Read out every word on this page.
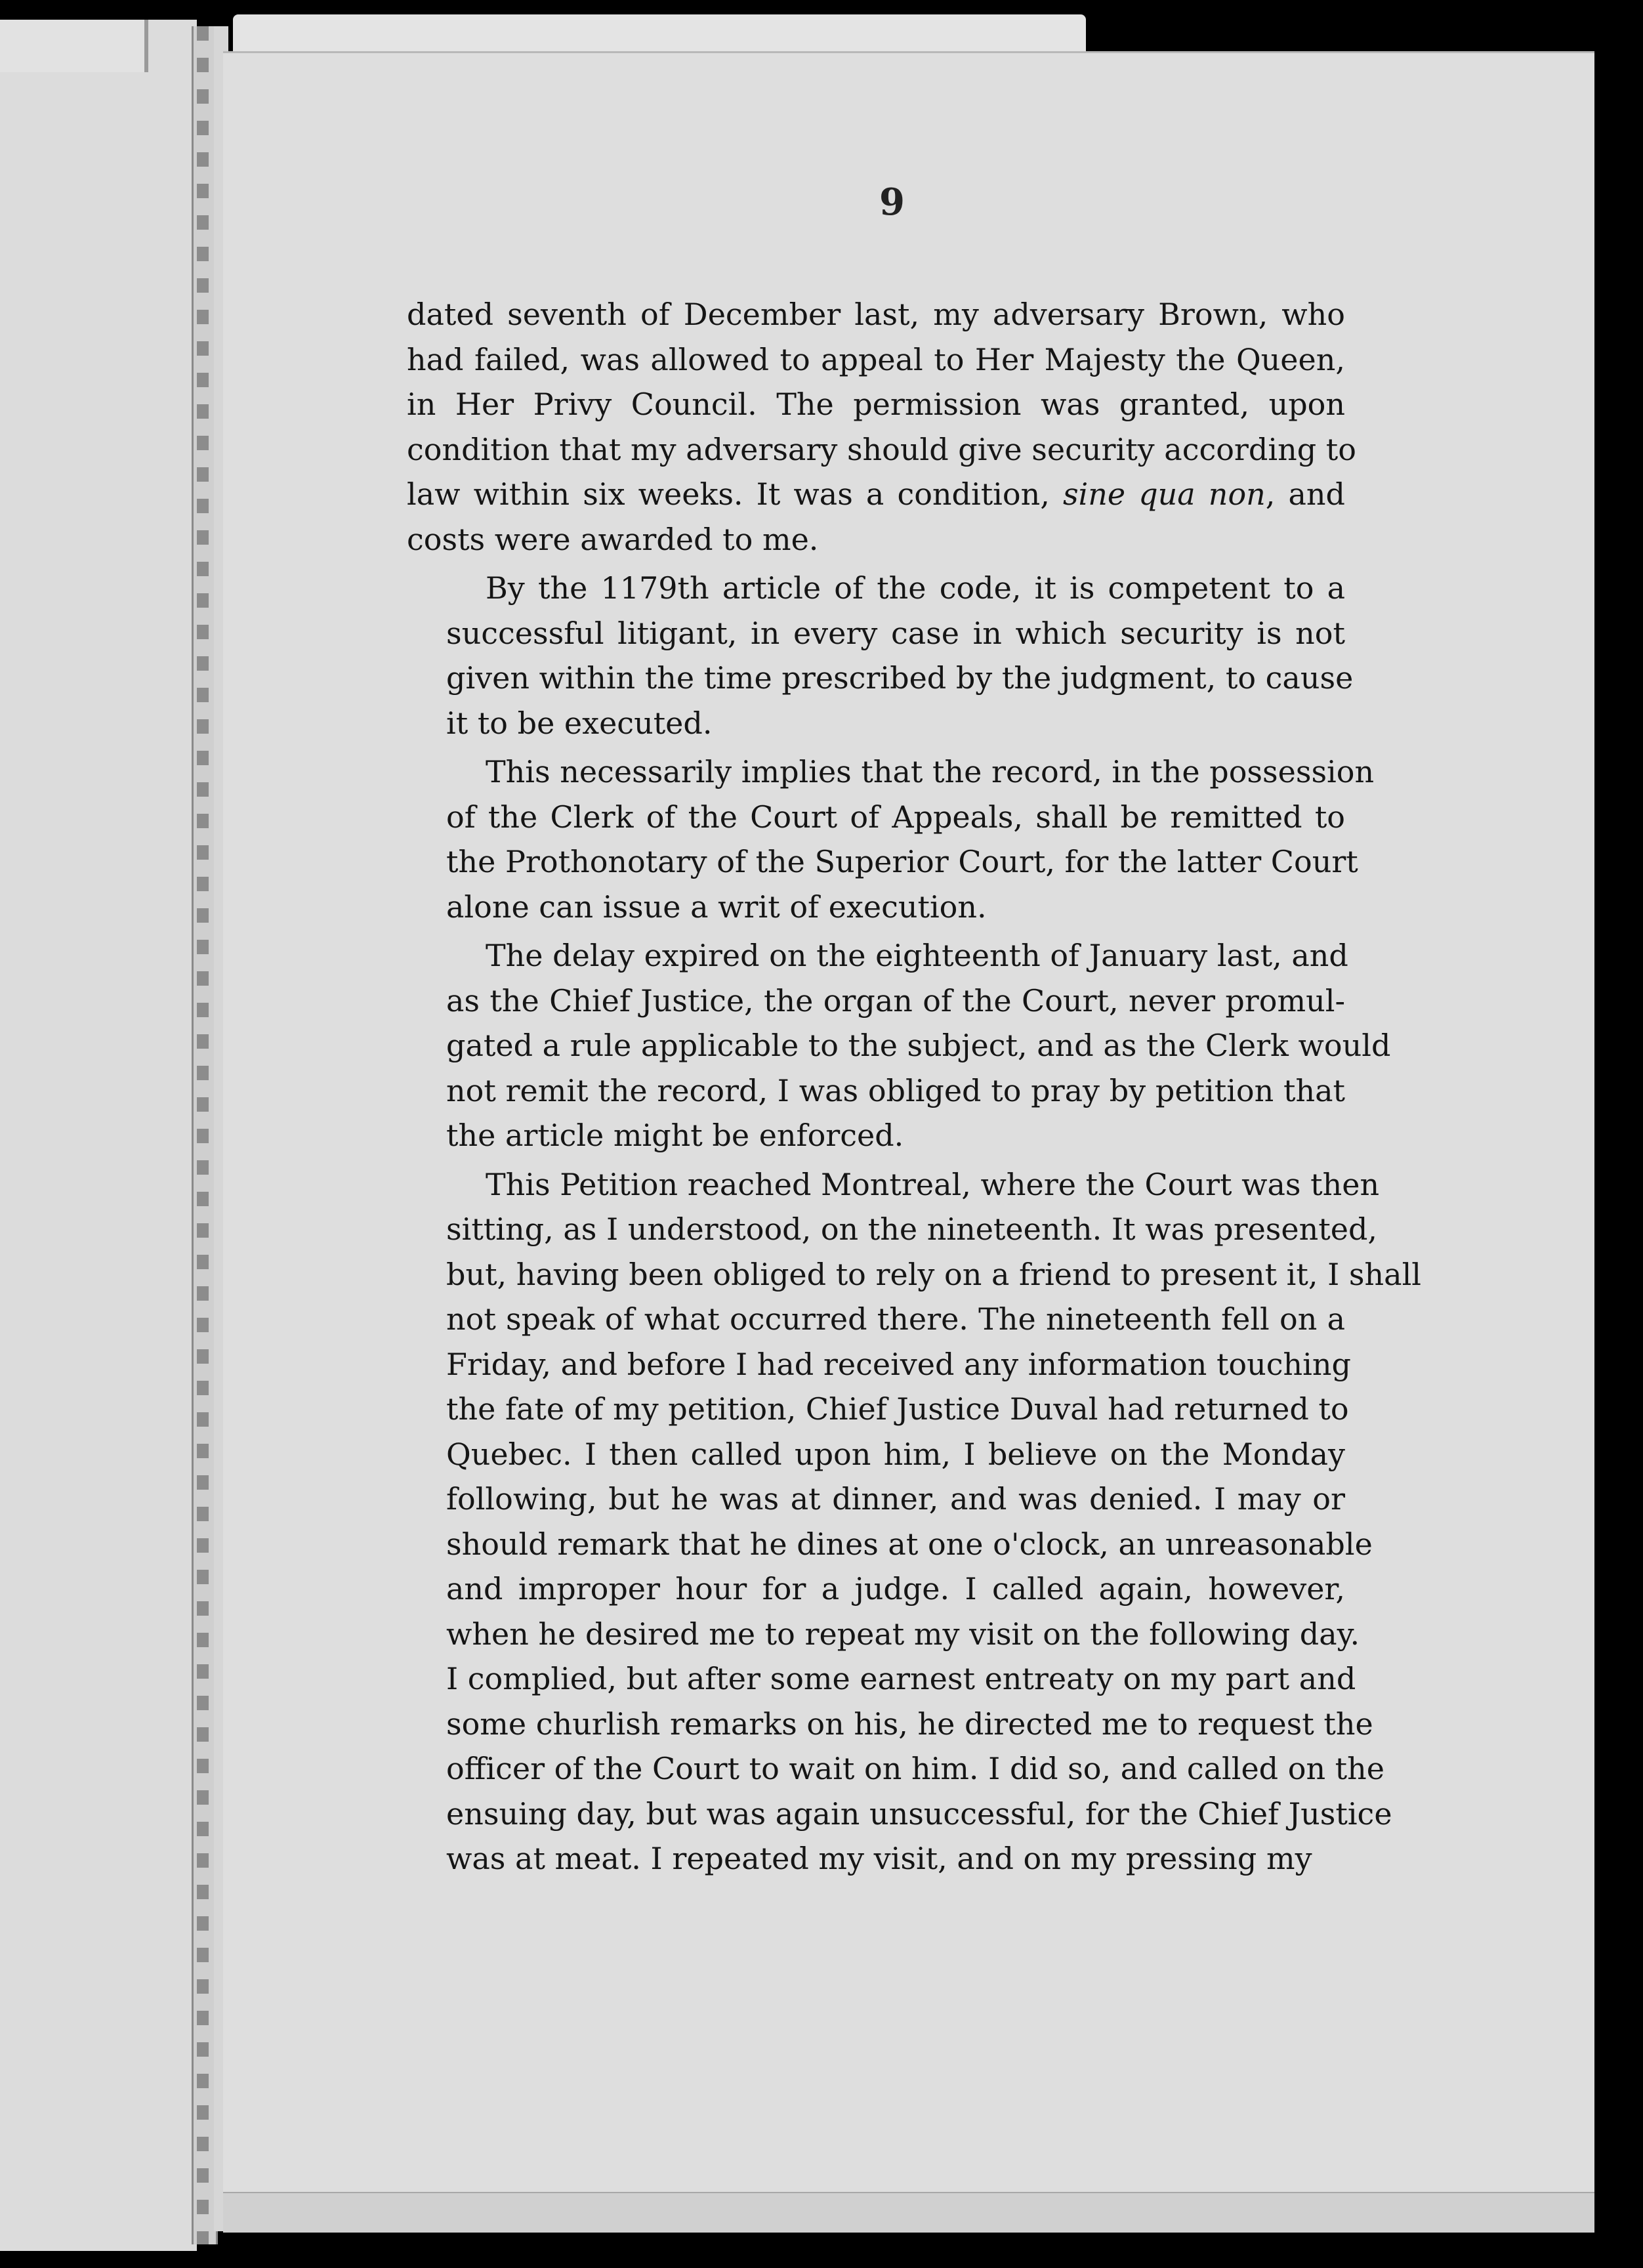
9
dated seventh of December last, my adversary Brown, who
had failed, was allowed to appeal to Her Majesty the Queen,
in Her Privy Council. The permission was granted, upon
condition that my adversary should give security according to
law within six weeks. It was a condition, sine qua non, and
costs were awarded to me.
By the 1179th article of the code, it is competent to a
successful litigant, in every case in which security is not
given within the time prescribed by the judgment, to cause
it to be executed.
This necessarily implies that the record, in the possession
of the Clerk of the Court of Appeals, shall be remitted to
the Prothonotary of the Superior Court, for the latter Court
alone can issue a writ of execution.
The delay expired on the eighteenth of January last, and
as the Chief Justice, the organ of the Court, never promul-
gated a rule applicable to the subject, and as the Clerk would
not remit the record, I was obliged to pray by petition that
the article might be enforced.
This Petition reached Montreal, where the Court was then
sitting, as I understood, on the nineteenth. It was presented,
but, having been obliged to rely on a friend to present it, I shall
not speak of what occurred there. The nineteenth fell on a
Friday, and before I had received any information touching
the fate of my petition, Chief Justice Duval had returned to
Quebec. I then called upon him, I believe on the Monday
following, but he was at dinner, and was denied. I may or
should remark that he dines at one o'clock, an unreasonable
and improper hour for a judge. I called again, however,
when he desired me to repeat my visit on the following day.
I complied, but after some earnest entreaty on my part and
some churlish remarks on his, he directed me to request the
officer of the Court to wait on him. I did so, and called on the
ensuing day, but was again unsuccessful, for the Chief Justice
was at meat. I repeated my visit, and on my pressing my
